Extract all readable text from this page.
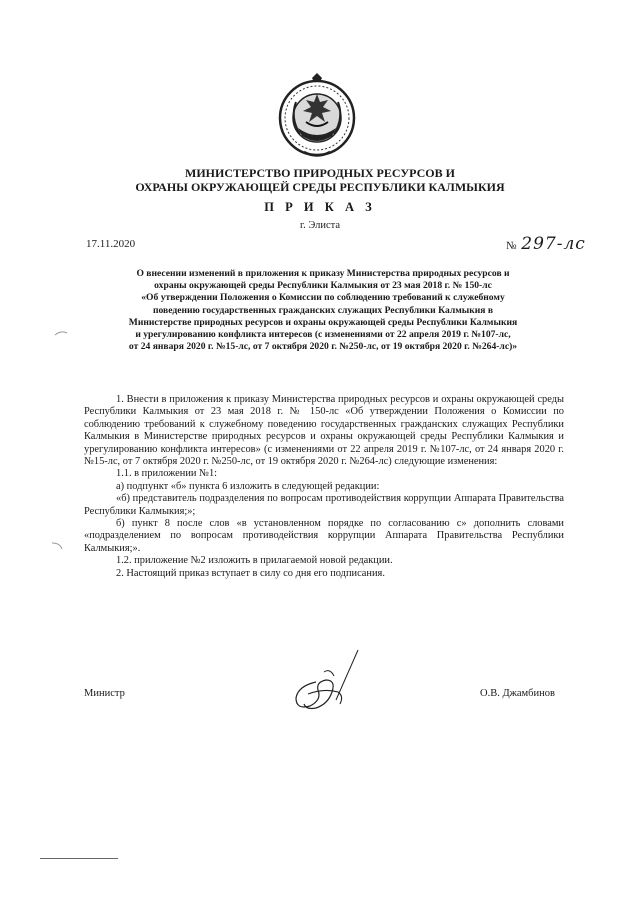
МИНИСТЕРСТВО ПРИРОДНЫХ РЕСУРСОВ И
ОХРАНЫ ОКРУЖАЮЩЕЙ СРЕДЫ РЕСПУБЛИКИ КАЛМЫКИЯ
П Р И К А З
г. Элиста
17.11.2020	№ 297-лс
О внесении изменений в приложения к приказу Министерства природных ресурсов и
охраны окружающей среды Республики Калмыкия от 23 мая 2018 г. № 150-лс
«Об утверждении Положения о Комиссии по соблюдению требований к служебному
поведению государственных гражданских служащих Республики Калмыкия в
Министерстве природных ресурсов и охраны окружающей среды Республики Калмыкия
и урегулированию конфликта интересов (с изменениями от 22 апреля 2019 г. №107-лс,
от 24 января 2020 г. №15-лс, от 7 октября 2020 г. №250-лс, от 19 октября 2020 г. №264-лс)»

1. Внести в приложения к приказу Министерства природных ресурсов и охраны окружающей среды Республики Калмыкия от 23 мая 2018 г. № 150-лс «Об утверждении Положения о Комиссии по соблюдению требований к служебному поведению государственных гражданских служащих Республики Калмыкия в Министерстве природных ресурсов и охраны окружающей среды Республики Калмыкия и урегулированию конфликта интересов» (с изменениями от 22 апреля 2019 г. №107-лс, от 24 января 2020 г. №15-лс, от 7 октября 2020 г. №250-лс, от 19 октября 2020 г. №264-лс) следующие изменения:

1.1. в приложении №1:

а) подпункт «б» пункта 6 изложить в следующей редакции:

«б) представитель подразделения по вопросам противодействия коррупции Аппарата Правительства Республики Калмыкия;»;

б) пункт 8 после слов «в установленном порядке по согласованию с» дополнить словами «подразделением по вопросам противодействия коррупции Аппарата Правительства Республики Калмыкия;».

1.2. приложение №2 изложить в прилагаемой новой редакции.

2. Настоящий приказ вступает в силу со дня его подписания.

Министр	О.В. Джамбинов
